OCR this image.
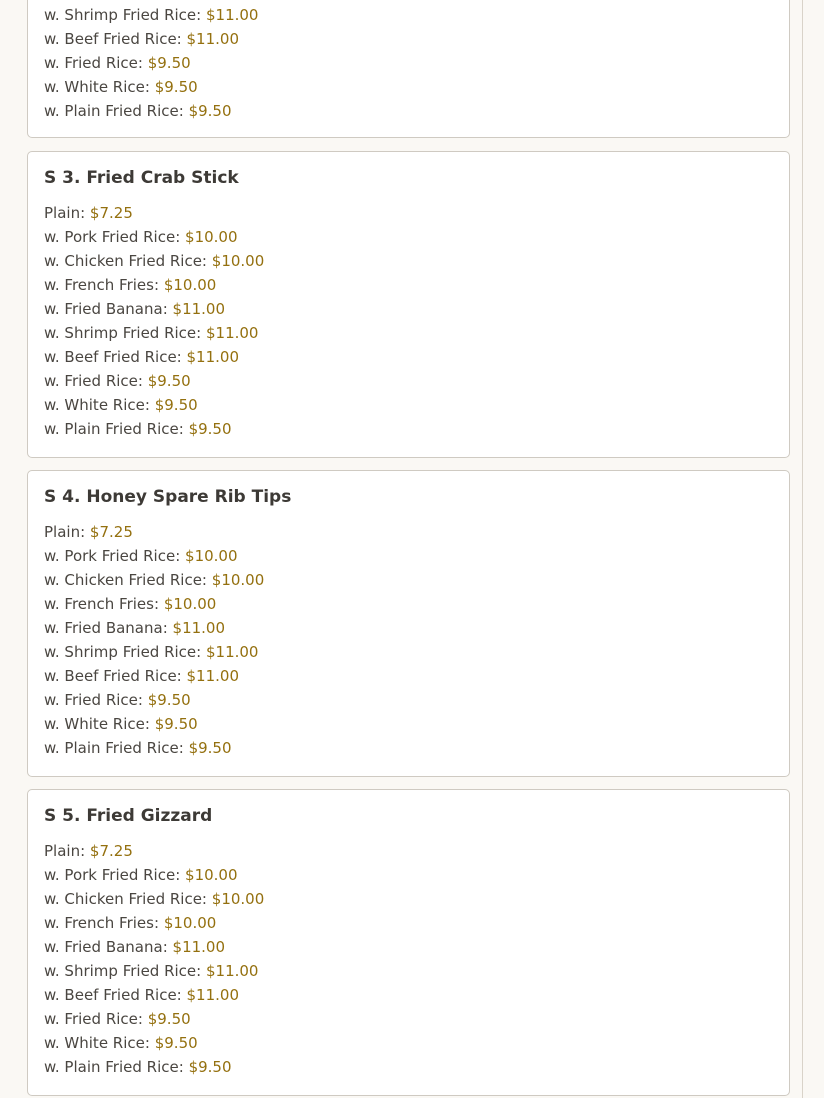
w. Shrimp Fried Rice: $11.00
w. Beef Fried Rice: $11.00
w. Fried Rice: $9.50
w. White Rice: $9.50
w. Plain Fried Rice: $9.50
S 3. Fried Crab Stick
Plain: $7.25
w. Pork Fried Rice: $10.00
w. Chicken Fried Rice: $10.00
w. French Fries: $10.00
w. Fried Banana: $11.00
w. Shrimp Fried Rice: $11.00
w. Beef Fried Rice: $11.00
w. Fried Rice: $9.50
w. White Rice: $9.50
w. Plain Fried Rice: $9.50
S 4. Honey Spare Rib Tips
Plain: $7.25
w. Pork Fried Rice: $10.00
w. Chicken Fried Rice: $10.00
w. French Fries: $10.00
w. Fried Banana: $11.00
w. Shrimp Fried Rice: $11.00
w. Beef Fried Rice: $11.00
w. Fried Rice: $9.50
w. White Rice: $9.50
w. Plain Fried Rice: $9.50
S 5. Fried Gizzard
Plain: $7.25
w. Pork Fried Rice: $10.00
w. Chicken Fried Rice: $10.00
w. French Fries: $10.00
w. Fried Banana: $11.00
w. Shrimp Fried Rice: $11.00
w. Beef Fried Rice: $11.00
w. Fried Rice: $9.50
w. White Rice: $9.50
w. Plain Fried Rice: $9.50
